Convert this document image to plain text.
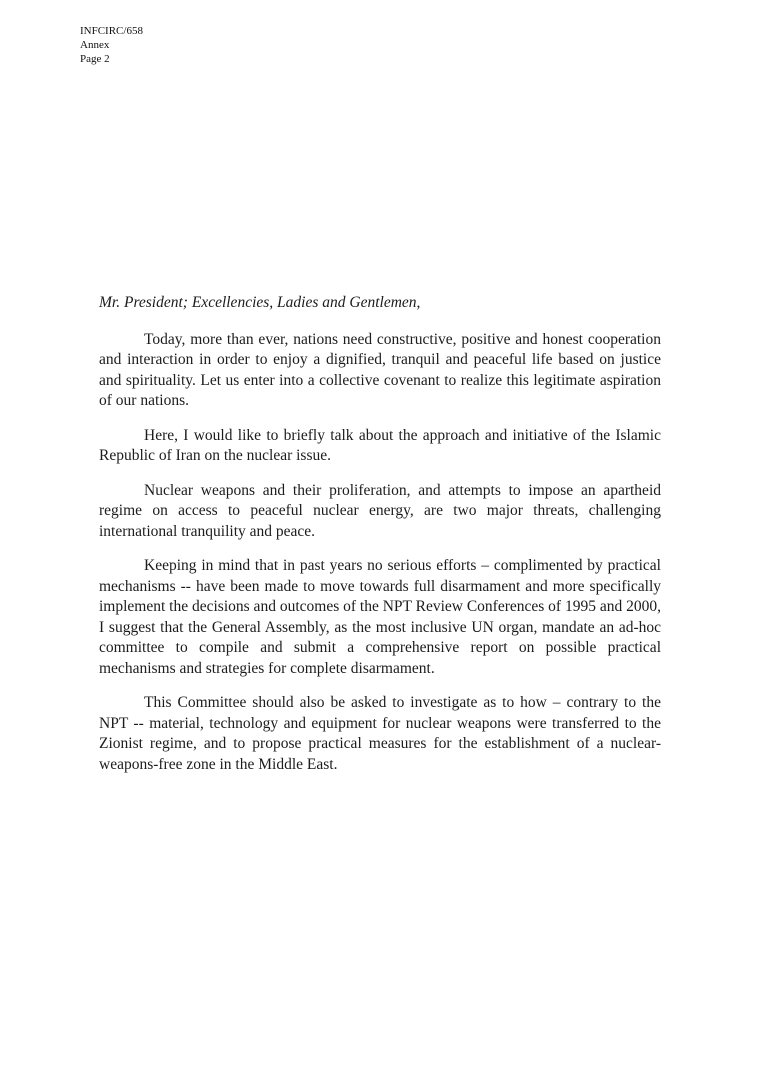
INFCIRC/658
Annex
Page 2

Mr. President; Excellencies, Ladies and Gentlemen,

Today, more than ever, nations need constructive, positive and honest cooperation and interaction in order to enjoy a dignified, tranquil and peaceful life based on justice and spirituality. Let us enter into a collective covenant to realize this legitimate aspiration of our nations.

Here, I would like to briefly talk about the approach and initiative of the Islamic Republic of Iran on the nuclear issue.

Nuclear weapons and their proliferation, and attempts to impose an apartheid regime on access to peaceful nuclear energy, are two major threats, challenging international tranquility and peace.

Keeping in mind that in past years no serious efforts – complimented by practical mechanisms -- have been made to move towards full disarmament and more specifically implement the decisions and outcomes of the NPT Review Conferences of 1995 and 2000, I suggest that the General Assembly, as the most inclusive UN organ, mandate an ad-hoc committee to compile and submit a comprehensive report on possible practical mechanisms and strategies for complete disarmament.

This Committee should also be asked to investigate as to how – contrary to the NPT -- material, technology and equipment for nuclear weapons were transferred to the Zionist regime, and to propose practical measures for the establishment of a nuclear-weapons-free zone in the Middle East.
